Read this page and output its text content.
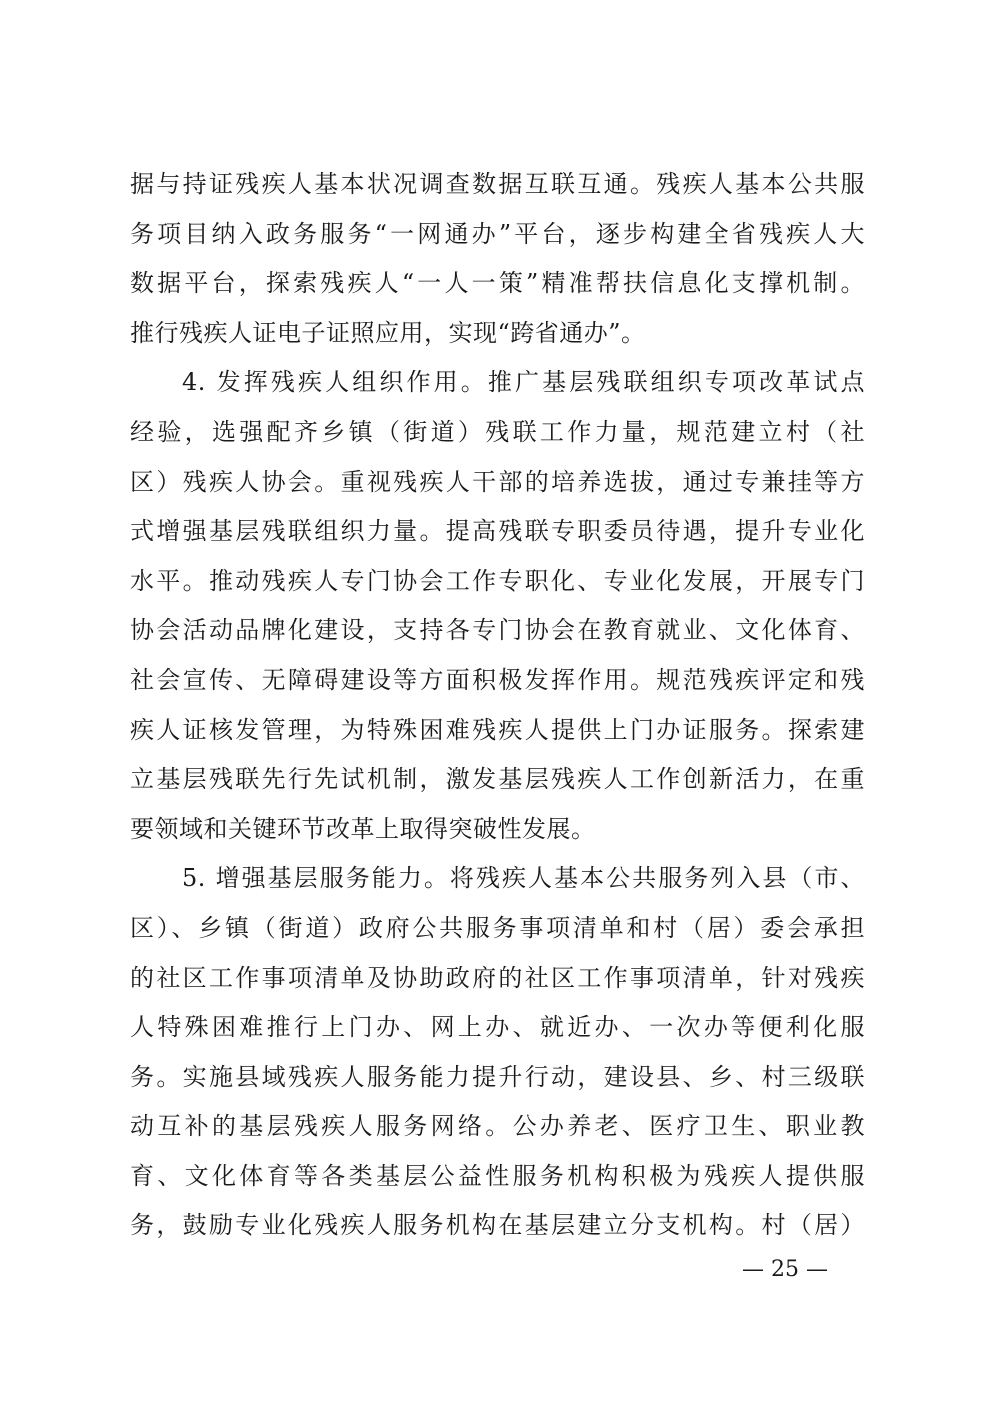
据与持证残疾人基本状况调查数据互联互通。残疾人基本公共服
务项目纳入政务服务“一网通办”平台，逐步构建全省残疾人大
数据平台，探索残疾人“一人一策”精准帮扶信息化支撑机制。
推行残疾人证电子证照应用，实现“跨省通办”。
4. 发挥残疾人组织作用。推广基层残联组织专项改革试点
经验，选强配齐乡镇（街道）残联工作力量，规范建立村（社
区）残疾人协会。重视残疾人干部的培养选拔，通过专兼挂等方
式增强基层残联组织力量。提高残联专职委员待遇，提升专业化
水平。推动残疾人专门协会工作专职化、专业化发展，开展专门
协会活动品牌化建设，支持各专门协会在教育就业、文化体育、
社会宣传、无障碍建设等方面积极发挥作用。规范残疾评定和残
疾人证核发管理，为特殊困难残疾人提供上门办证服务。探索建
立基层残联先行先试机制，激发基层残疾人工作创新活力，在重
要领域和关键环节改革上取得突破性发展。
5. 增强基层服务能力。将残疾人基本公共服务列入县（市、
区）、乡镇（街道）政府公共服务事项清单和村（居）委会承担
的社区工作事项清单及协助政府的社区工作事项清单，针对残疾
人特殊困难推行上门办、网上办、就近办、一次办等便利化服
务。实施县域残疾人服务能力提升行动，建设县、乡、村三级联
动互补的基层残疾人服务网络。公办养老、医疗卫生、职业教
育、文化体育等各类基层公益性服务机构积极为残疾人提供服
务，鼓励专业化残疾人服务机构在基层建立分支机构。村（居）
— 25 —
